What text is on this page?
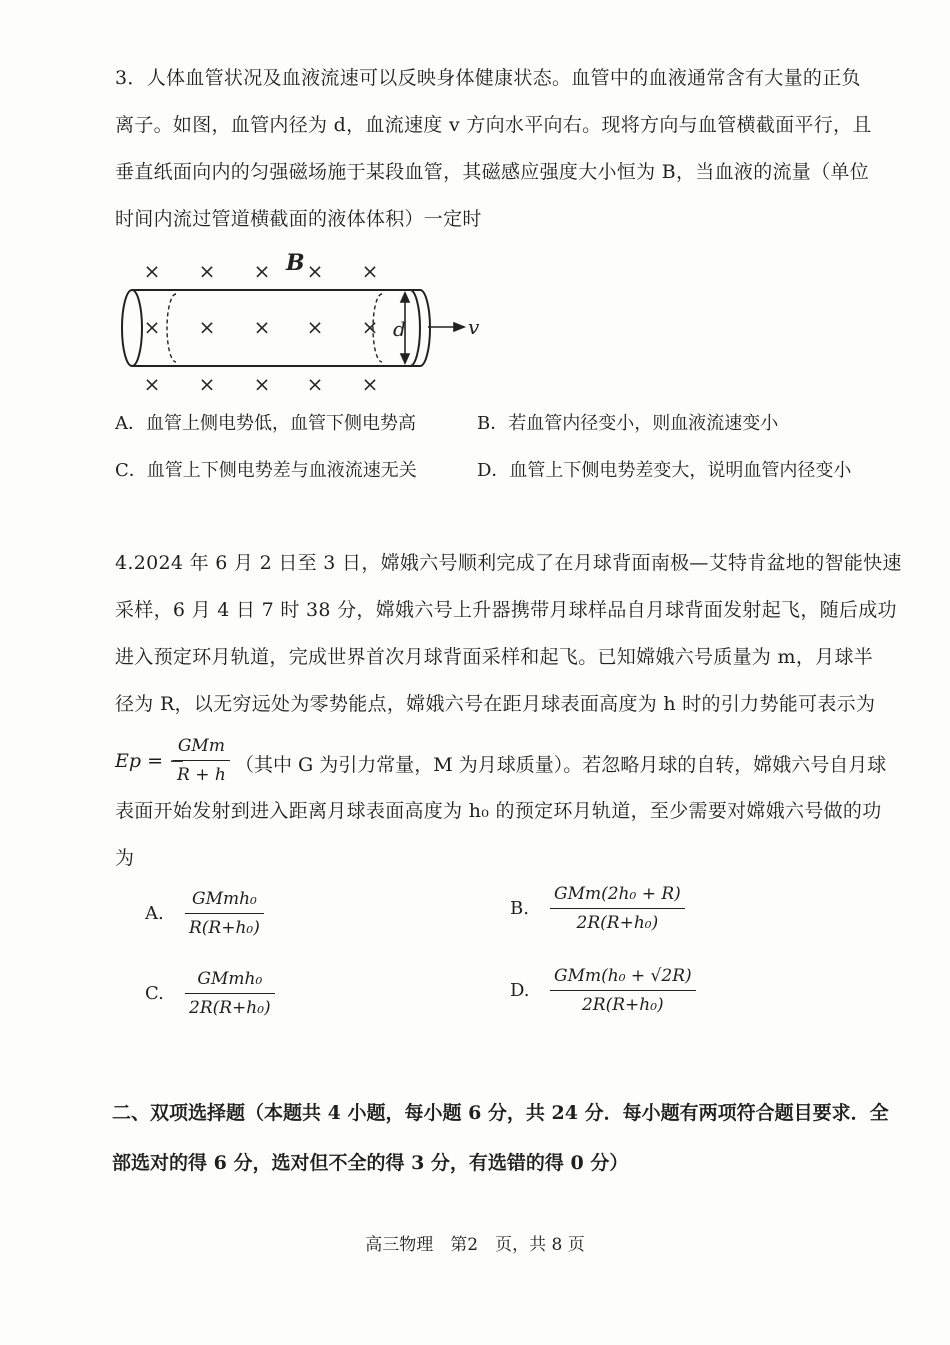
3．人体血管状况及血液流速可以反映身体健康状态。血管中的血液通常含有大量的正负
离子。如图，血管内径为 d，血流速度 v 方向水平向右。现将方向与血管横截面平行，且
垂直纸面向内的匀强磁场施于某段血管，其磁感应强度大小恒为 B，当血液的流量（单位
时间内流过管道横截面的液体体积）一定时
× × × × ×
× × × × ×
× × × × ×
B
d	v
A．血管上侧电势低，血管下侧电势高	B．若血管内径变小，则血液流速变小
C．血管上下侧电势差与血液流速无关	D．血管上下侧电势差变大，说明血管内径变小
4.2024 年 6 月 2 日至 3 日，嫦娥六号顺利完成了在月球背面南极—艾特肯盆地的智能快速
采样，6 月 4 日 7 时 38 分，嫦娥六号上升器携带月球样品自月球背面发射起飞，随后成功
进入预定环月轨道，完成世界首次月球背面采样和起飞。已知嫦娥六号质量为 m，月球半
径为 R，以无穷远处为零势能点，嫦娥六号在距月球表面高度为 h 时的引力势能可表示为
Ep = −
GMm
R + h （其中 G 为引力常量，M 为月球质量）。若忽略月球的自转，嫦娥六号自月球
表面开始发射到进入距离月球表面高度为 h₀ 的预定环月轨道，至少需要对嫦娥六号做的功
为
A.
GMmh₀
R(R+h₀)
B.
GMm(2h₀ + R)
2R(R+h₀)
C.
GMmh₀
2R(R+h₀)
D.
GMm(h₀ + √2R)
2R(R+h₀)
二、双项选择题（本题共 4 小题，每小题 6 分，共 24 分．每小题有两项符合题目要求．全
部选对的得 6 分，选对但不全的得 3 分，有选错的得 0 分）
高三物理　第2　页，共 8 页
